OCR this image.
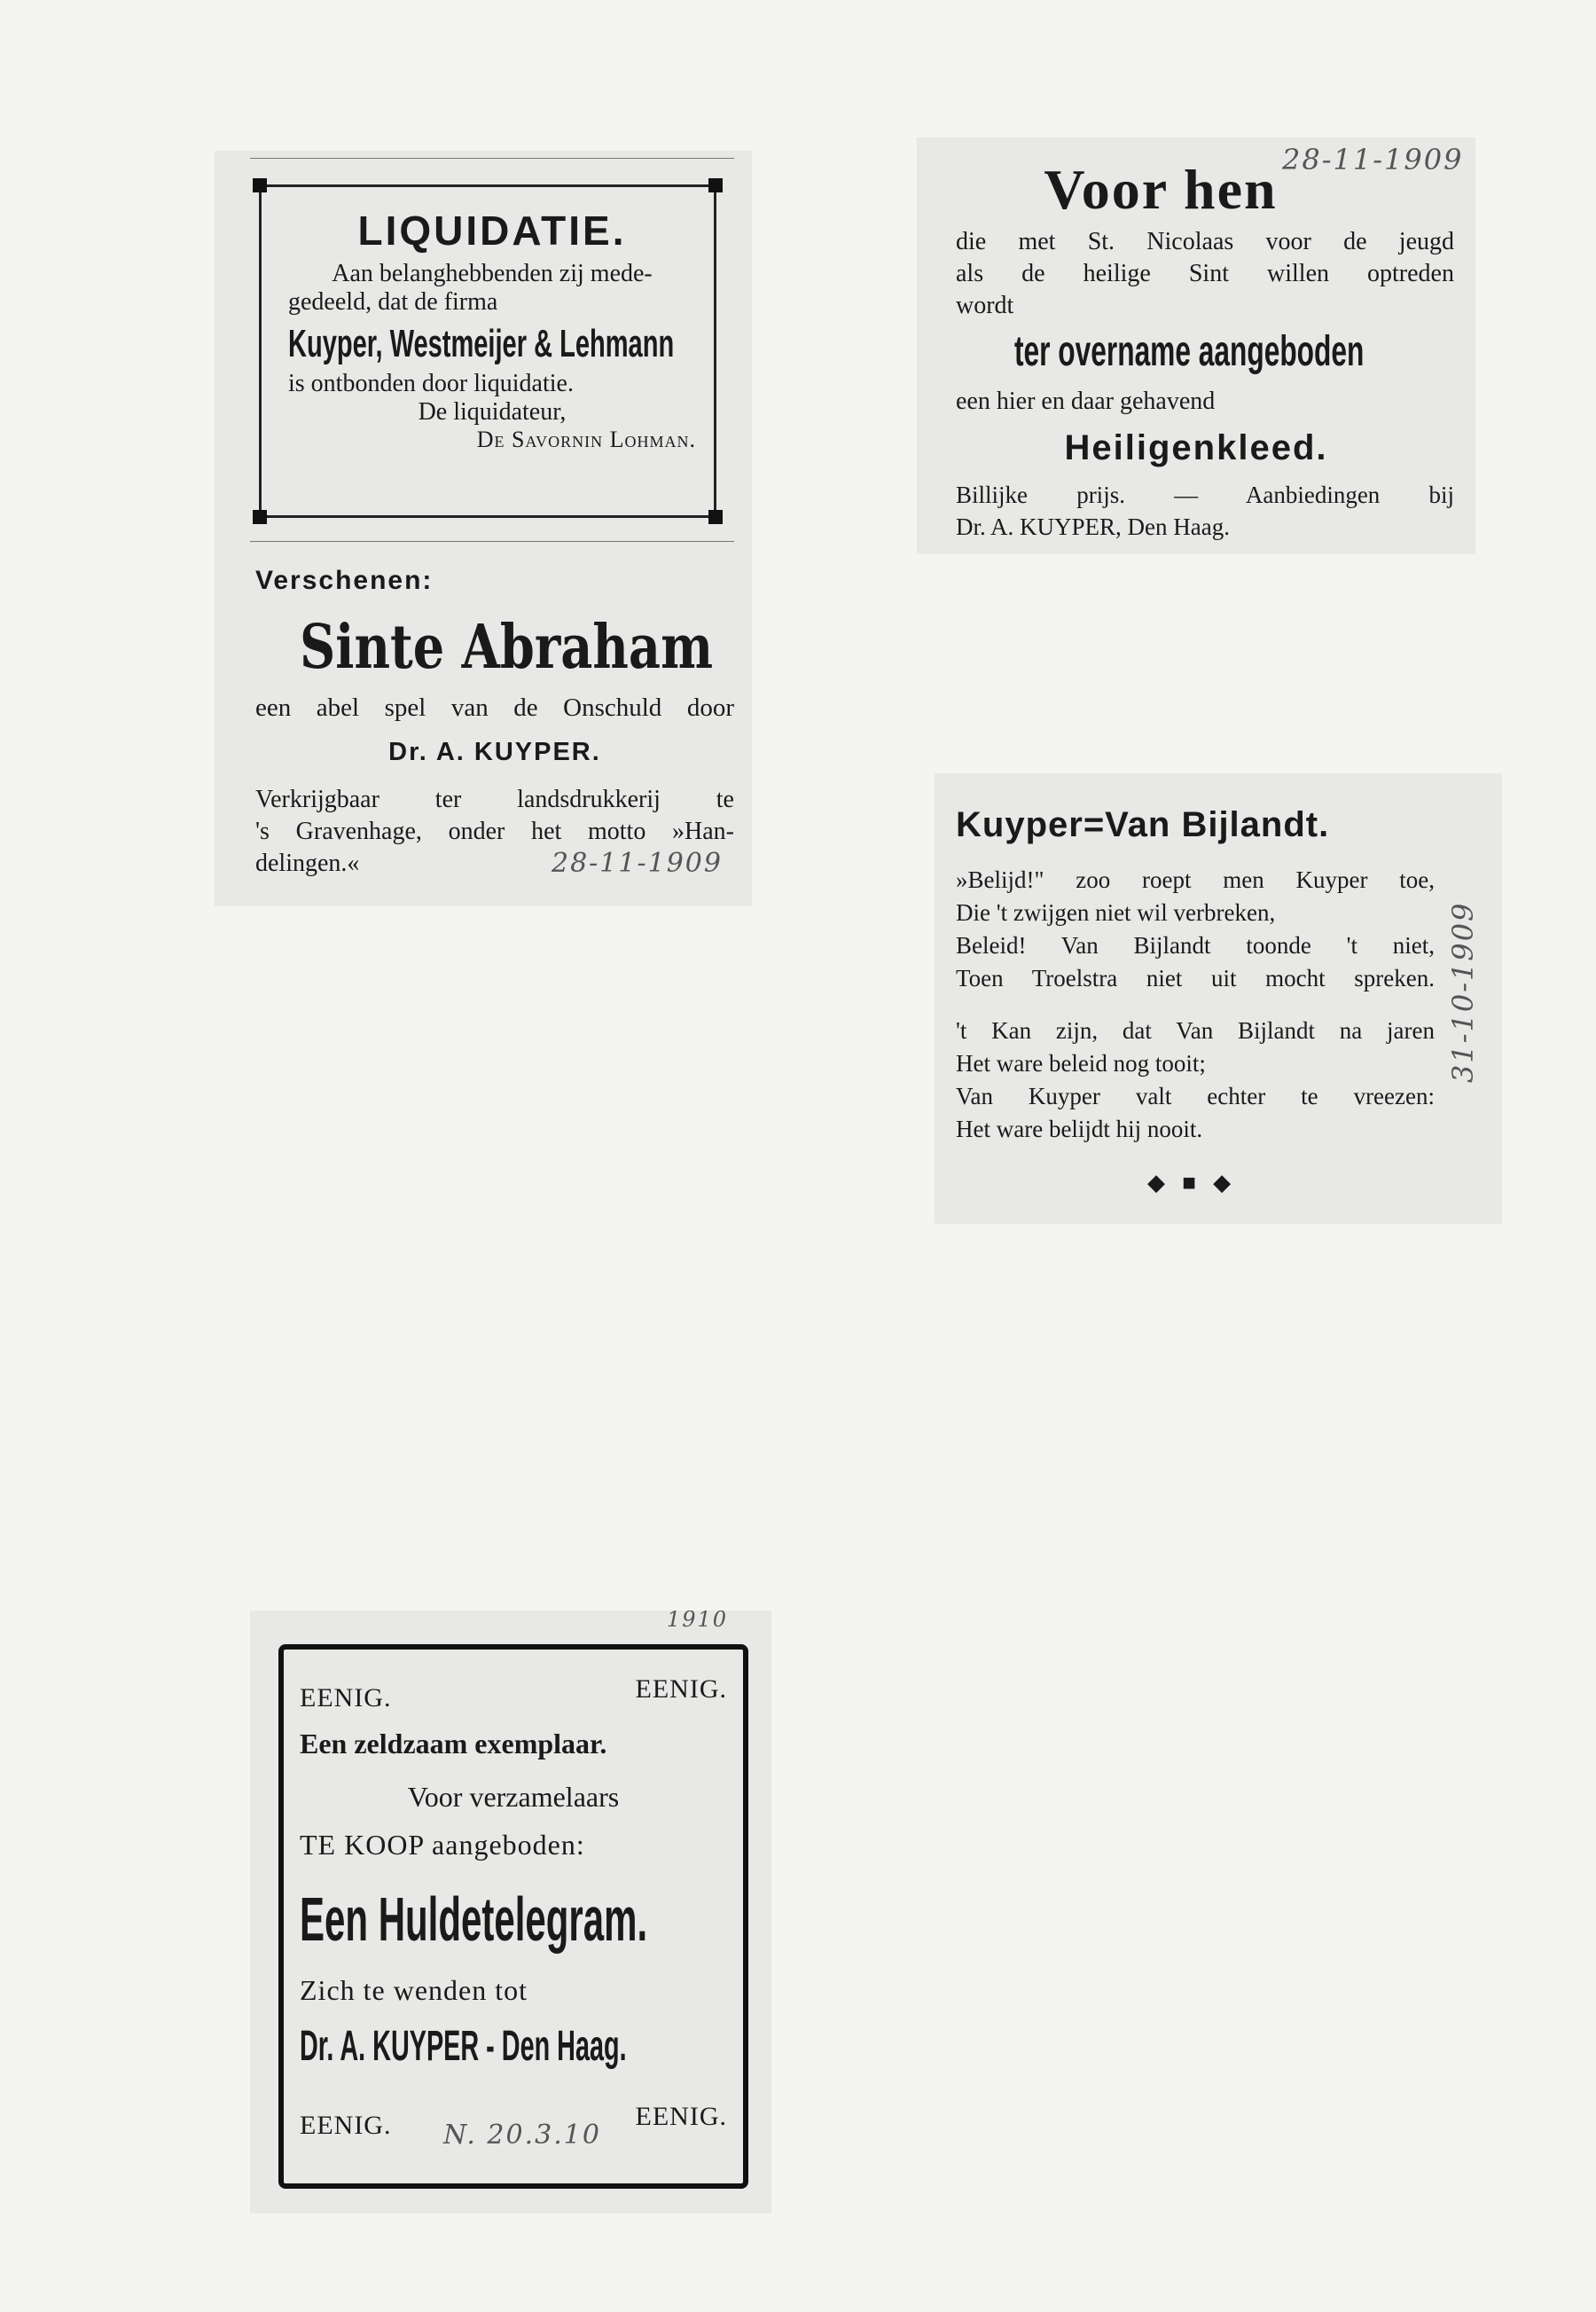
LIQUIDATIE.
Aan belanghebbenden zij mede-
gedeeld, dat de firma
Kuyper, Westmeijer & Lehmann
is ontbonden door liquidatie.
De liquidateur,
De Savornin Lohman.
Verschenen:
Sinte Abraham
een abel spel van de Onschuld door
Dr. A. KUYPER.
Verkrijgbaar ter landsdrukkerij te
's Gravenhage, onder het motto »Han-
delingen.«	28-11-1909
Voor hen 28-11-1909
die met St. Nicolaas voor de jeugd
als de heilige Sint willen optreden
wordt
ter overname aangeboden
een hier en daar gehavend
Heiligenkleed.
Billijke prijs. — Aanbiedingen bij
Dr. A. KUYPER, Den Haag.
Kuyper=Van Bijlandt.
»Belijd!" zoo roept men Kuyper toe,
Die 't zwijgen niet wil verbreken,
Beleid! Van Bijlandt toonde 't niet,
Toen Troelstra niet uit mocht spreken.
't Kan zijn, dat Van Bijlandt na jaren
Het ware beleid nog tooit;
Van Kuyper valt echter te vreezen:
Het ware belijdt hij nooit.
◆ ■ ◆
31-10-1909
1910
EENIG.	EENIG.
Een zeldzaam exemplaar.
Voor verzamelaars
TE KOOP aangeboden:
Een Huldetelegram.
Zich te wenden tot
Dr. A. KUYPER - Den Haag.
EENIG.	EENIG.
N. 20.3.10
